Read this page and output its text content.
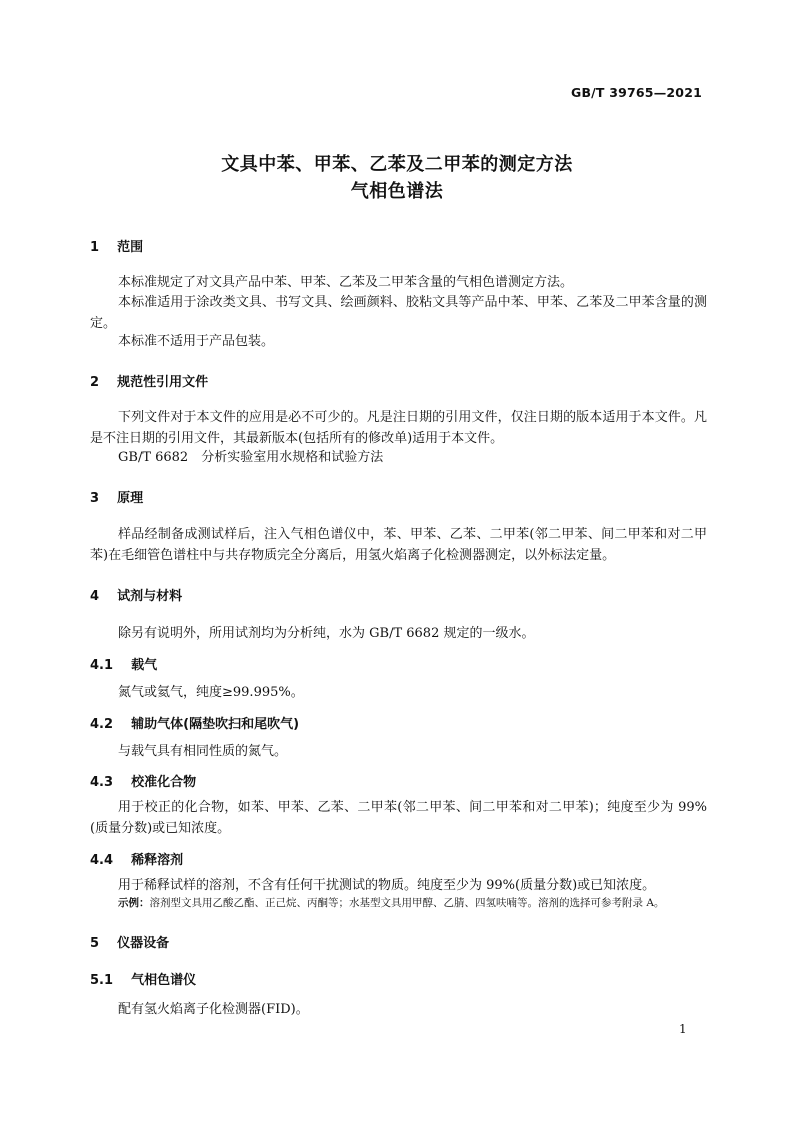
GB/T 39765—2021
文具中苯、甲苯、乙苯及二甲苯的测定方法
气相色谱法
1 范围
本标准规定了对文具产品中苯、甲苯、乙苯及二甲苯含量的气相色谱测定方法。
本标准适用于涂改类文具、书写文具、绘画颜料、胶粘文具等产品中苯、甲苯、乙苯及二甲苯含量的测定。
本标准不适用于产品包装。
2 规范性引用文件
下列文件对于本文件的应用是必不可少的。凡是注日期的引用文件，仅注日期的版本适用于本文件。凡是不注日期的引用文件，其最新版本(包括所有的修改单)适用于本文件。
GB/T 6682　分析实验室用水规格和试验方法
3 原理
样品经制备成测试样后，注入气相色谱仪中，苯、甲苯、乙苯、二甲苯(邻二甲苯、间二甲苯和对二甲苯)在毛细管色谱柱中与共存物质完全分离后，用氢火焰离子化检测器测定，以外标法定量。
4 试剂与材料
除另有说明外，所用试剂均为分析纯，水为 GB/T 6682 规定的一级水。
4.1 载气
氮气或氦气，纯度≥99.995%。
4.2 辅助气体(隔垫吹扫和尾吹气)
与载气具有相同性质的氮气。
4.3 校准化合物
用于校正的化合物，如苯、甲苯、乙苯、二甲苯(邻二甲苯、间二甲苯和对二甲苯)；纯度至少为 99%(质量分数)或已知浓度。
4.4 稀释溶剂
用于稀释试样的溶剂，不含有任何干扰测试的物质。纯度至少为 99%(质量分数)或已知浓度。
示例：溶剂型文具用乙酸乙酯、正己烷、丙酮等；水基型文具用甲醇、乙腈、四氢呋喃等。溶剂的选择可参考附录 A。
5 仪器设备
5.1 气相色谱仪
配有氢火焰离子化检测器(FID)。
1
